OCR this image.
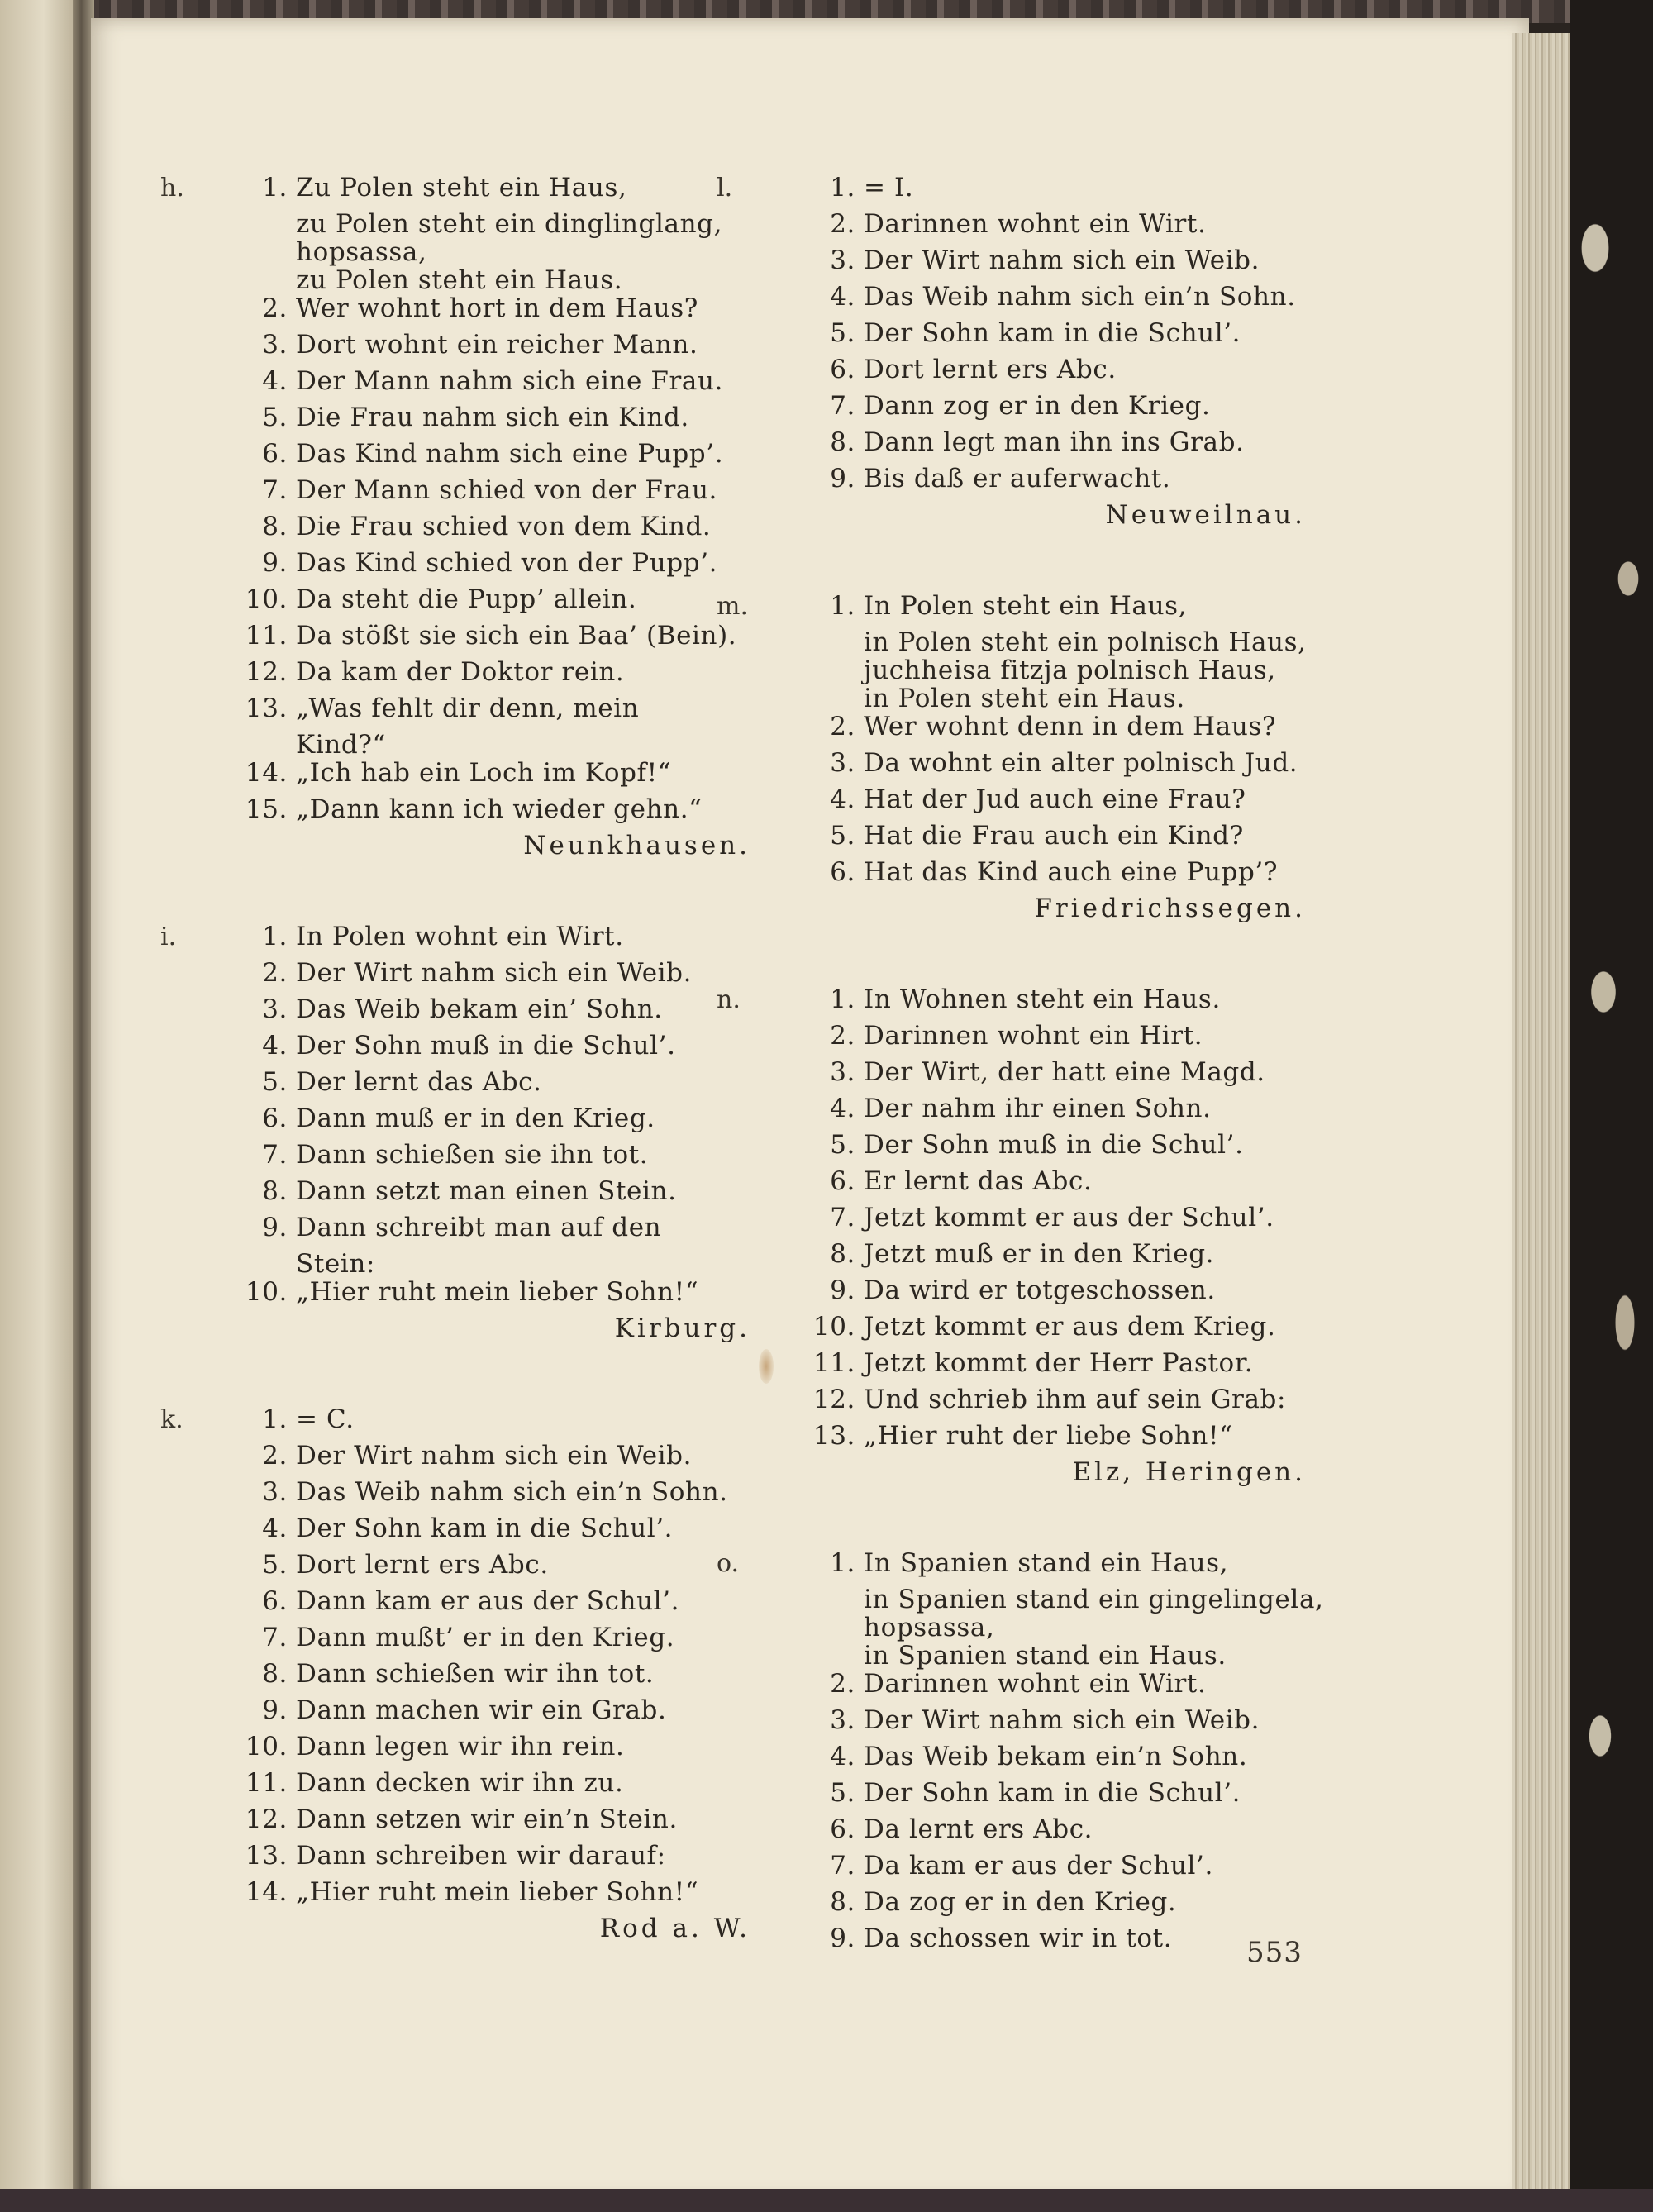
h.	1. Zu Polen steht ein Haus,
zu Polen steht ein dinglinglang,
hopsassa,
zu Polen steht ein Haus.
2. Wer wohnt hort in dem Haus?
3. Dort wohnt ein reicher Mann.
4. Der Mann nahm sich eine Frau.
5. Die Frau nahm sich ein Kind.
6. Das Kind nahm sich eine Pupp’.
7. Der Mann schied von der Frau.
8. Die Frau schied von dem Kind.
9. Das Kind schied von der Pupp’.
10. Da steht die Pupp’ allein.
11. Da stößt sie sich ein Baa’ (Bein).
12. Da kam der Doktor rein.
13. „Was fehlt dir denn, mein
Kind?“
14. „Ich hab ein Loch im Kopf!“
15. „Dann kann ich wieder gehn.“
Neunkhausen.
i.	1. In Polen wohnt ein Wirt.
2. Der Wirt nahm sich ein Weib.
3. Das Weib bekam ein’ Sohn.
4. Der Sohn muß in die Schul’.
5. Der lernt das Abc.
6. Dann muß er in den Krieg.
7. Dann schießen sie ihn tot.
8. Dann setzt man einen Stein.
9. Dann schreibt man auf den
Stein:
10. „Hier ruht mein lieber Sohn!“
Kirburg.
k.	1. = C.
2. Der Wirt nahm sich ein Weib.
3. Das Weib nahm sich ein’n Sohn.
4. Der Sohn kam in die Schul’.
5. Dort lernt ers Abc.
6. Dann kam er aus der Schul’.
7. Dann mußt’ er in den Krieg.
8. Dann schießen wir ihn tot.
9. Dann machen wir ein Grab.
10. Dann legen wir ihn rein.
11. Dann decken wir ihn zu.
12. Dann setzen wir ein’n Stein.
13. Dann schreiben wir darauf:
14. „Hier ruht mein lieber Sohn!“
Rod a. W.
l.	1. = I.
2. Darinnen wohnt ein Wirt.
3. Der Wirt nahm sich ein Weib.
4. Das Weib nahm sich ein’n Sohn.
5. Der Sohn kam in die Schul’.
6. Dort lernt ers Abc.
7. Dann zog er in den Krieg.
8. Dann legt man ihn ins Grab.
9. Bis daß er auferwacht.
Neuweilnau.
m.	1. In Polen steht ein Haus,
in Polen steht ein polnisch Haus,
juchheisa fitzja polnisch Haus,
in Polen steht ein Haus.
2. Wer wohnt denn in dem Haus?
3. Da wohnt ein alter polnisch Jud.
4. Hat der Jud auch eine Frau?
5. Hat die Frau auch ein Kind?
6. Hat das Kind auch eine Pupp’?
Friedrichssegen.
n.	1. In Wohnen steht ein Haus.
2. Darinnen wohnt ein Hirt.
3. Der Wirt, der hatt eine Magd.
4. Der nahm ihr einen Sohn.
5. Der Sohn muß in die Schul’.
6. Er lernt das Abc.
7. Jetzt kommt er aus der Schul’.
8. Jetzt muß er in den Krieg.
9. Da wird er totgeschossen.
10. Jetzt kommt er aus dem Krieg.
11. Jetzt kommt der Herr Pastor.
12. Und schrieb ihm auf sein Grab:
13. „Hier ruht der liebe Sohn!“
Elz, Heringen.
o.	1. In Spanien stand ein Haus,
in Spanien stand ein gingelingela,
hopsassa,
in Spanien stand ein Haus.
2. Darinnen wohnt ein Wirt.
3. Der Wirt nahm sich ein Weib.
4. Das Weib bekam ein’n Sohn.
5. Der Sohn kam in die Schul’.
6. Da lernt ers Abc.
7. Da kam er aus der Schul’.
8. Da zog er in den Krieg.
9. Da schossen wir in tot.	553
